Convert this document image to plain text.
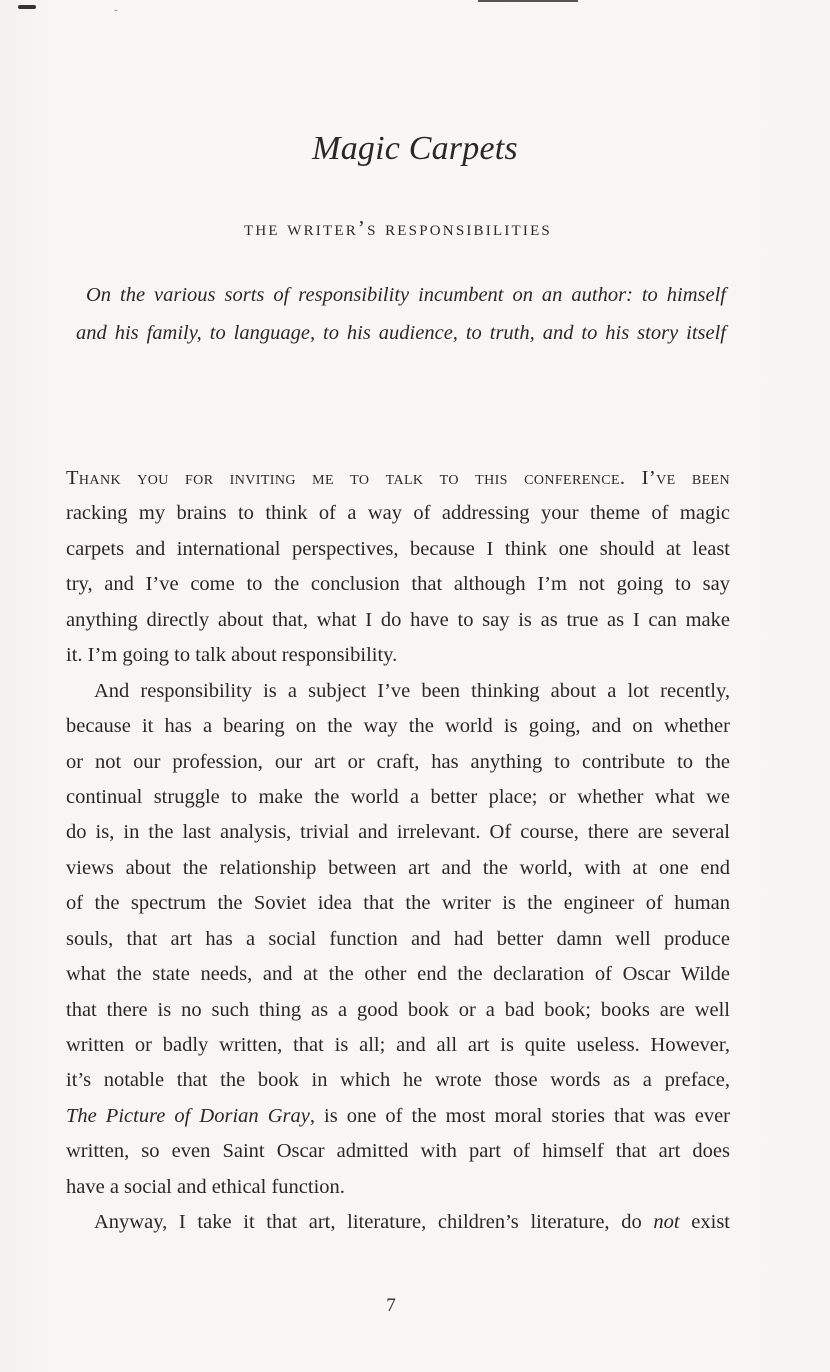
ˇ
Magic Carpets
the writer’s responsibilities
On the various sorts of responsibility incumbent on an author: to himself
and his family, to language, to his audience, to truth, and to his story itself
Thank you for inviting me to talk to this conference. I’ve been
racking my brains to think of a way of addressing your theme of magic
carpets and international perspectives, because I think one should at least
try, and I’ve come to the conclusion that although I’m not going to say
anything directly about that, what I do have to say is as true as I can make
it. I’m going to talk about responsibility.
And responsibility is a subject I’ve been thinking about a lot recently,
because it has a bearing on the way the world is going, and on whether
or not our profession, our art or craft, has anything to contribute to the
continual struggle to make the world a better place; or whether what we
do is, in the last analysis, trivial and irrelevant. Of course, there are several
views about the relationship between art and the world, with at one end
of the spectrum the Soviet idea that the writer is the engineer of human
souls, that art has a social function and had better damn well produce
what the state needs, and at the other end the declaration of Oscar Wilde
that there is no such thing as a good book or a bad book; books are well
written or badly written, that is all; and all art is quite useless. However,
it’s notable that the book in which he wrote those words as a preface,
The Picture of Dorian Gray, is one of the most moral stories that was ever
written, so even Saint Oscar admitted with part of himself that art does
have a social and ethical function.
Anyway, I take it that art, literature, children’s literature, do not exist
7
